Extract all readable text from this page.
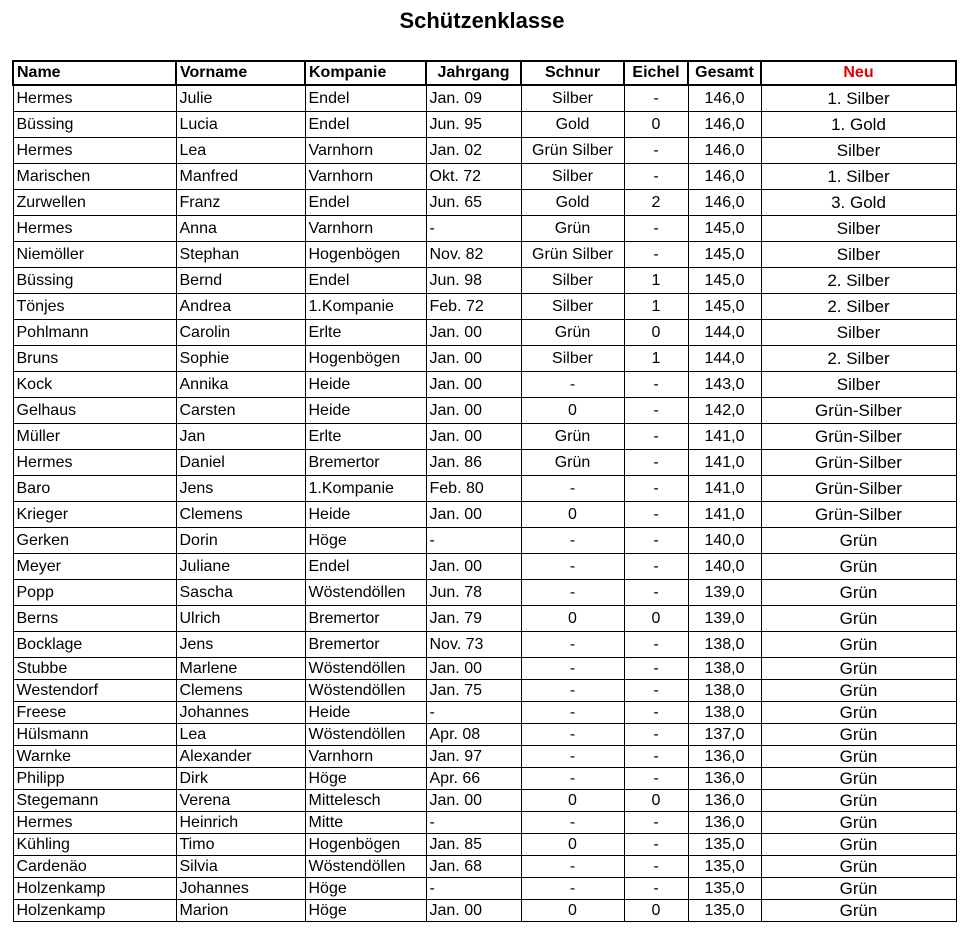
Schützenklasse
Name	Vorname	Kompanie	Jahrgang	Schnur	Eichel	Gesamt	Neu
Hermes	Julie	Endel	Jan. 09	Silber	-	146,0	1. Silber
Büssing	Lucia	Endel	Jun. 95	Gold	0	146,0	1. Gold
Hermes	Lea	Varnhorn	Jan. 02	Grün Silber	-	146,0	Silber
Marischen	Manfred	Varnhorn	Okt. 72	Silber	-	146,0	1. Silber
Zurwellen	Franz	Endel	Jun. 65	Gold	2	146,0	3. Gold
Hermes	Anna	Varnhorn	-	Grün	-	145,0	Silber
Niemöller	Stephan	Hogenbögen	Nov. 82	Grün Silber	-	145,0	Silber
Büssing	Bernd	Endel	Jun. 98	Silber	1	145,0	2. Silber
Tönjes	Andrea	1.Kompanie	Feb. 72	Silber	1	145,0	2. Silber
Pohlmann	Carolin	Erlte	Jan. 00	Grün	0	144,0	Silber
Bruns	Sophie	Hogenbögen	Jan. 00	Silber	1	144,0	2. Silber
Kock	Annika	Heide	Jan. 00	-	-	143,0	Silber
Gelhaus	Carsten	Heide	Jan. 00	0	-	142,0	Grün-Silber
Müller	Jan	Erlte	Jan. 00	Grün	-	141,0	Grün-Silber
Hermes	Daniel	Bremertor	Jan. 86	Grün	-	141,0	Grün-Silber
Baro	Jens	1.Kompanie	Feb. 80	-	-	141,0	Grün-Silber
Krieger	Clemens	Heide	Jan. 00	0	-	141,0	Grün-Silber
Gerken	Dorin	Höge	-	-	-	140,0	Grün
Meyer	Juliane	Endel	Jan. 00	-	-	140,0	Grün
Popp	Sascha	Wöstendöllen	Jun. 78	-	-	139,0	Grün
Berns	Ulrich	Bremertor	Jan. 79	0	0	139,0	Grün
Bocklage	Jens	Bremertor	Nov. 73	-	-	138,0	Grün
Stubbe	Marlene	Wöstendöllen	Jan. 00	-	-	138,0	Grün
Westendorf	Clemens	Wöstendöllen	Jan. 75	-	-	138,0	Grün
Freese	Johannes	Heide	-	-	-	138,0	Grün
Hülsmann	Lea	Wöstendöllen	Apr. 08	-	-	137,0	Grün
Warnke	Alexander	Varnhorn	Jan. 97	-	-	136,0	Grün
Philipp	Dirk	Höge	Apr. 66	-	-	136,0	Grün
Stegemann	Verena	Mittelesch	Jan. 00	0	0	136,0	Grün
Hermes	Heinrich	Mitte	-	-	-	136,0	Grün
Kühling	Timo	Hogenbögen	Jan. 85	0	-	135,0	Grün
Cardenäo	Silvia	Wöstendöllen	Jan. 68	-	-	135,0	Grün
Holzenkamp	Johannes	Höge	-	-	-	135,0	Grün
Holzenkamp	Marion	Höge	Jan. 00	0	0	135,0	Grün
